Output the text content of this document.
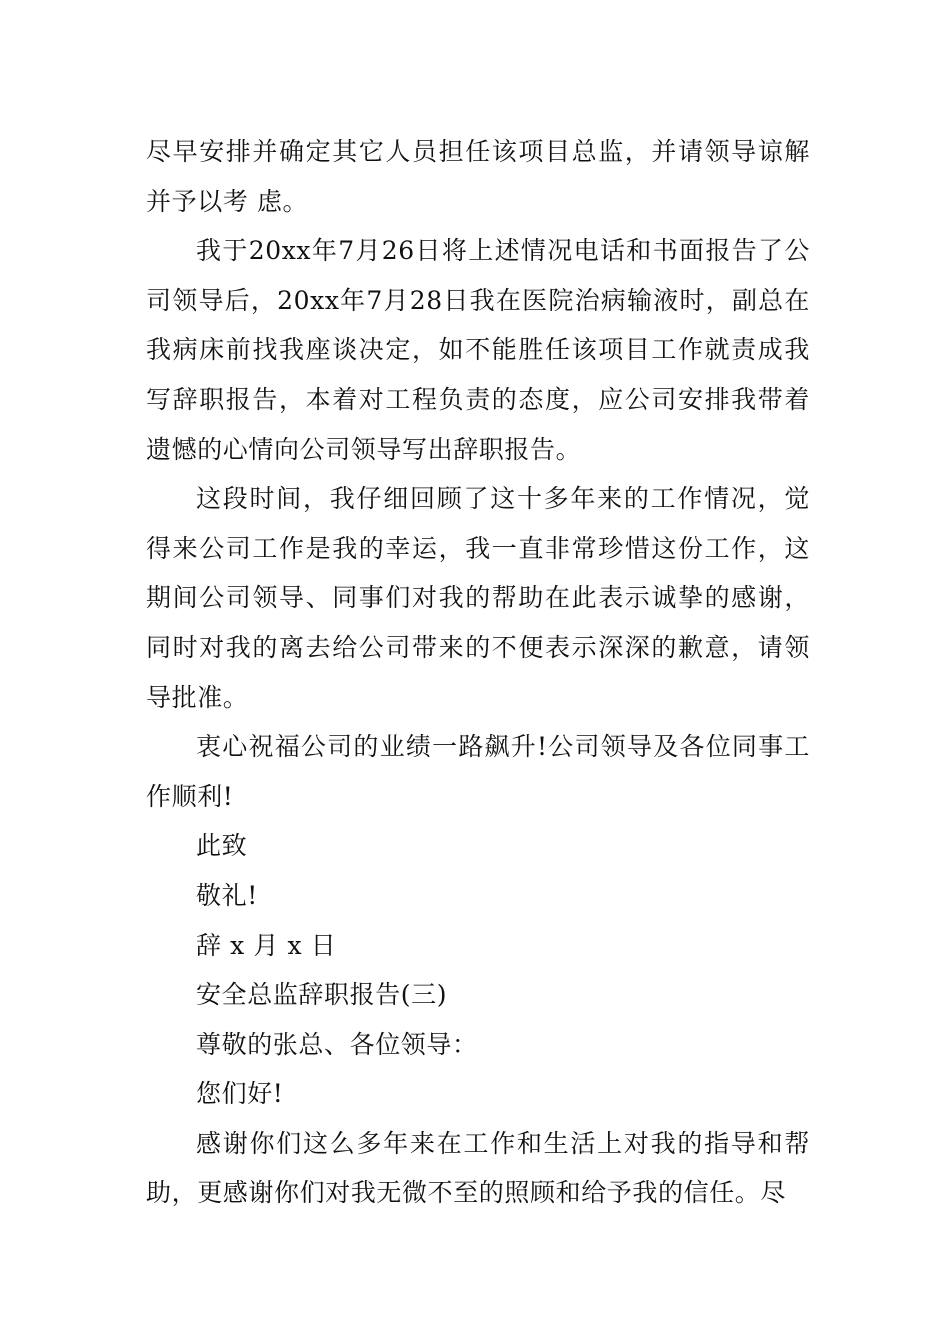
尽早安排并确定其它人员担任该项目总监，并请领导谅解并予以考 虑。

我于20xx年7月26日将上述情况电话和书面报告了公司领导后，20xx年7月28日我在医院治病输液时，副总在我病床前找我座谈决定，如不能胜任该项目工作就责成我写辞职报告，本着对工程负责的态度，应公司安排我带着遗憾的心情向公司领导写出辞职报告。

这段时间，我仔细回顾了这十多年来的工作情况，觉得来公司工作是我的幸运，我一直非常珍惜这份工作，这期间公司领导、同事们对我的帮助在此表示诚挚的感谢，同时对我的离去给公司带来的不便表示深深的歉意，请领导批准。

衷心祝福公司的业绩一路飙升!公司领导及各位同事工作顺利!

此致

敬礼!

辞 x 月 x 日

安全总监辞职报告(三)

尊敬的张总、各位领导：

您们好!

感谢你们这么多年来在工作和生活上对我的指导和帮助，更感谢你们对我无微不至的照顾和给予我的信任。尽
